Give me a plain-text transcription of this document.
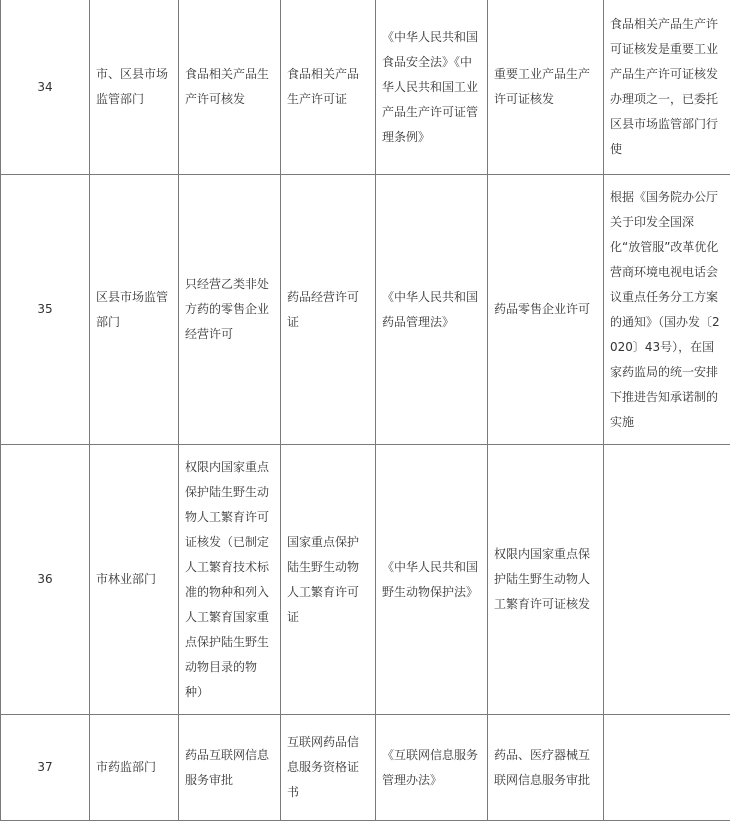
34	市、区县市场监管部门	食品相关产品生产许可核发	食品相关产品生产许可证	《中华人民共和国食品安全法》《中华人民共和国工业产品生产许可证管理条例》	重要工业产品生产许可证核发	食品相关产品生产许可证核发是重要工业产品生产许可证核发办理项之一，已委托区县市场监管部门行使
35	区县市场监管部门	只经营乙类非处方药的零售企业经营许可	药品经营许可证	《中华人民共和国药品管理法》	药品零售企业许可	根据《国务院办公厅关于印发全国深化“放管服”改革优化营商环境电视电话会议重点任务分工方案的通知》（国办发〔2020〕43号），在国家药监局的统一安排下推进告知承诺制的实施
36	市林业部门	权限内国家重点保护陆生野生动物人工繁育许可证核发（已制定人工繁育技术标准的物种和列入人工繁育国家重点保护陆生野生动物目录的物种）	国家重点保护陆生野生动物人工繁育许可证	《中华人民共和国野生动物保护法》	权限内国家重点保护陆生野生动物人工繁育许可证核发	
37	市药监部门	药品互联网信息服务审批	互联网药品信息服务资格证书	《互联网信息服务管理办法》	药品、医疗器械互联网信息服务审批	
